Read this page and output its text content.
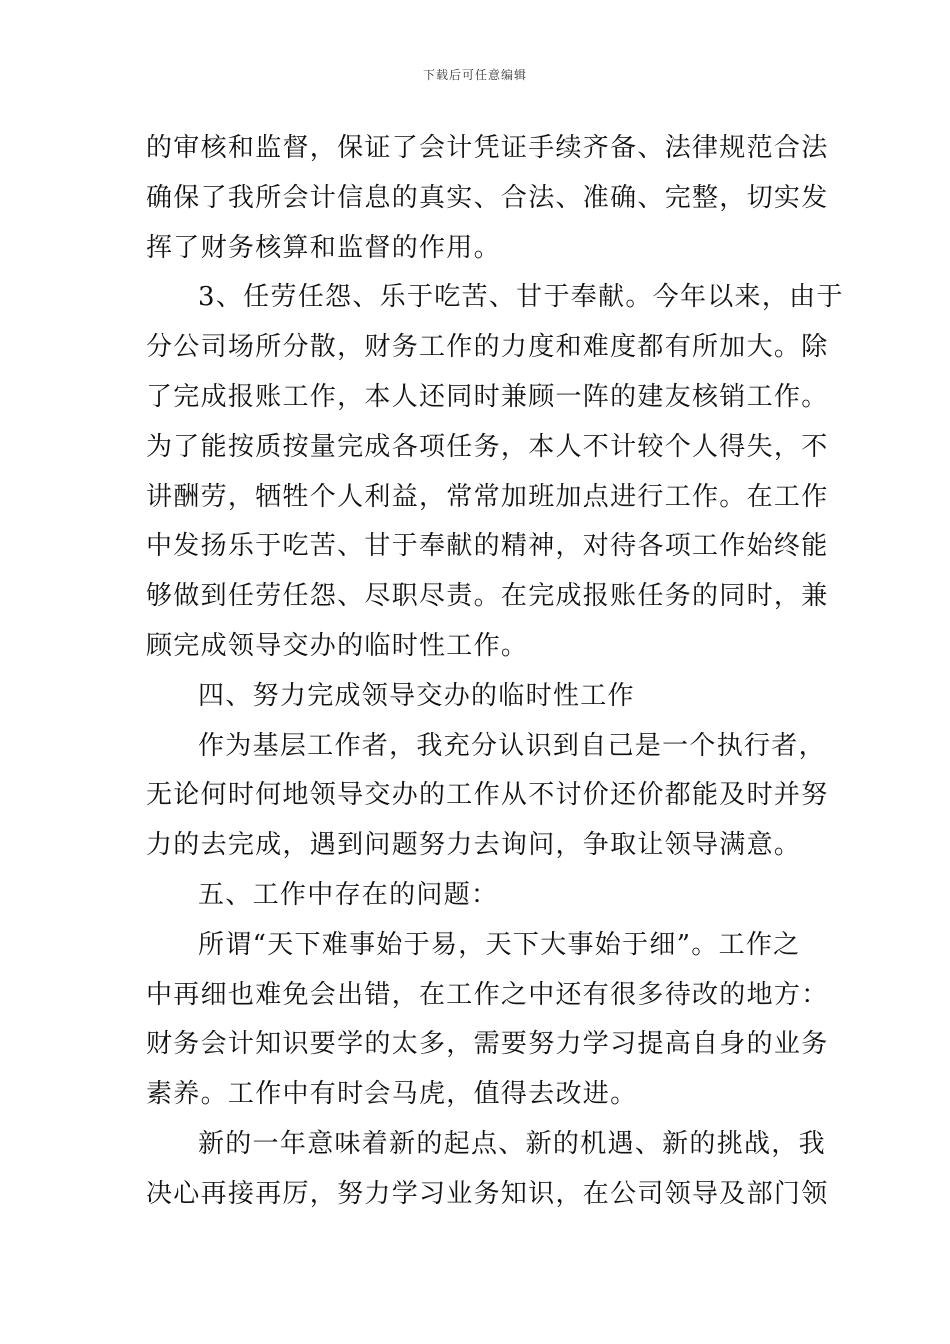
下载后可任意编辑
的审核和监督，保证了会计凭证手续齐备、法律规范合法
确保了我所会计信息的真实、合法、准确、完整，切实发
挥了财务核算和监督的作用。
3、任劳任怨、乐于吃苦、甘于奉献。今年以来，由于
分公司场所分散，财务工作的力度和难度都有所加大。除
了完成报账工作，本人还同时兼顾一阵的建友核销工作。
为了能按质按量完成各项任务，本人不计较个人得失，不
讲酬劳，牺牲个人利益，常常加班加点进行工作。在工作
中发扬乐于吃苦、甘于奉献的精神，对待各项工作始终能
够做到任劳任怨、尽职尽责。在完成报账任务的同时，兼
顾完成领导交办的临时性工作。
四、努力完成领导交办的临时性工作
作为基层工作者，我充分认识到自己是一个执行者，
无论何时何地领导交办的工作从不讨价还价都能及时并努
力的去完成，遇到问题努力去询问，争取让领导满意。
五、工作中存在的问题：
所谓“天下难事始于易，天下大事始于细”。工作之
中再细也难免会出错，在工作之中还有很多待改的地方：
财务会计知识要学的太多，需要努力学习提高自身的业务
素养。工作中有时会马虎，值得去改进。
新的一年意味着新的起点、新的机遇、新的挑战，我
决心再接再厉，努力学习业务知识，在公司领导及部门领
